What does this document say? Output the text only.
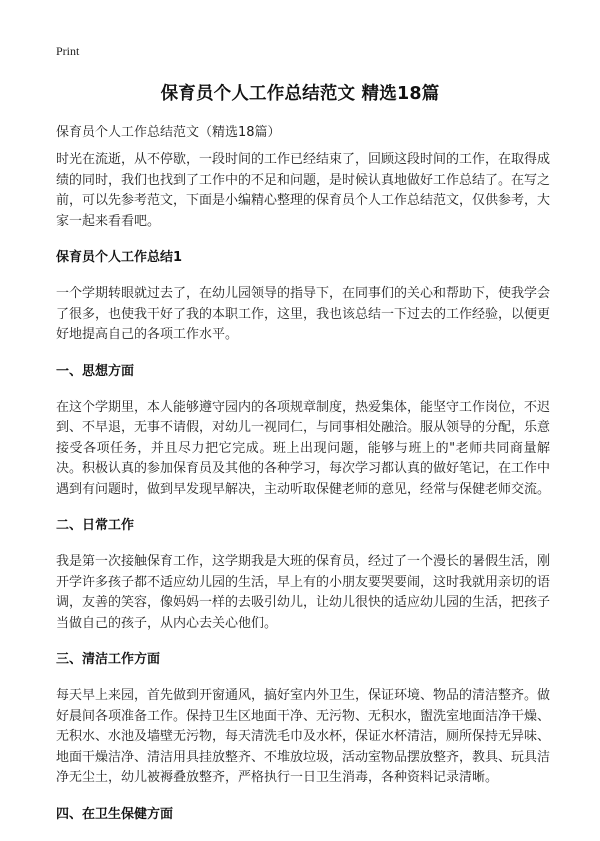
Print
保育员个人工作总结范文 精选18篇
保育员个人工作总结范文（精选18篇）

时光在流逝，从不停歇，一段时间的工作已经结束了，回顾这段时间的工作，在取得成绩的同时，我们也找到了工作中的不足和问题，是时候认真地做好工作总结了。在写之前，可以先参考范文，下面是小编精心整理的保育员个人工作总结范文，仅供参考，大家一起来看看吧。

保育员个人工作总结1

一个学期转眼就过去了，在幼儿园领导的指导下，在同事们的关心和帮助下，使我学会了很多，也使我干好了我的本职工作，这里，我也该总结一下过去的工作经验，以便更好地提高自己的各项工作水平。

一、思想方面

在这个学期里，本人能够遵守园内的各项规章制度，热爱集体，能坚守工作岗位，不迟到、不早退，无事不请假，对幼儿一视同仁，与同事相处融洽。服从领导的分配，乐意接受各项任务，并且尽力把它完成。班上出现问题，能够与班上的"老师共同商量解决。积极认真的参加保育员及其他的各种学习，每次学习都认真的做好笔记，在工作中遇到有问题时，做到早发现早解决，主动听取保健老师的意见，经常与保健老师交流。

二、日常工作

我是第一次接触保育工作，这学期我是大班的保育员，经过了一个漫长的暑假生活，刚开学许多孩子都不适应幼儿园的生活，早上有的小朋友要哭要闹，这时我就用亲切的语调，友善的笑容，像妈妈一样的去吸引幼儿，让幼儿很快的适应幼儿园的生活，把孩子当做自己的孩子，从内心去关心他们。

三、清洁工作方面

每天早上来园，首先做到开窗通风，搞好室内外卫生，保证环境、物品的清洁整齐。做好晨间各项准备工作。保持卫生区地面干净、无污物、无积水，盥洗室地面洁净干燥、无积水、水池及墙壁无污物，每天清洗毛巾及水杯，保证水杯清洁，厕所保持无异味、地面干燥洁净、清洁用具挂放整齐、不堆放垃圾，活动室物品摆放整齐，教具、玩具洁净无尘土，幼儿被褥叠放整齐，严格执行一日卫生消毒，各种资料记录清晰。

四、在卫生保健方面
